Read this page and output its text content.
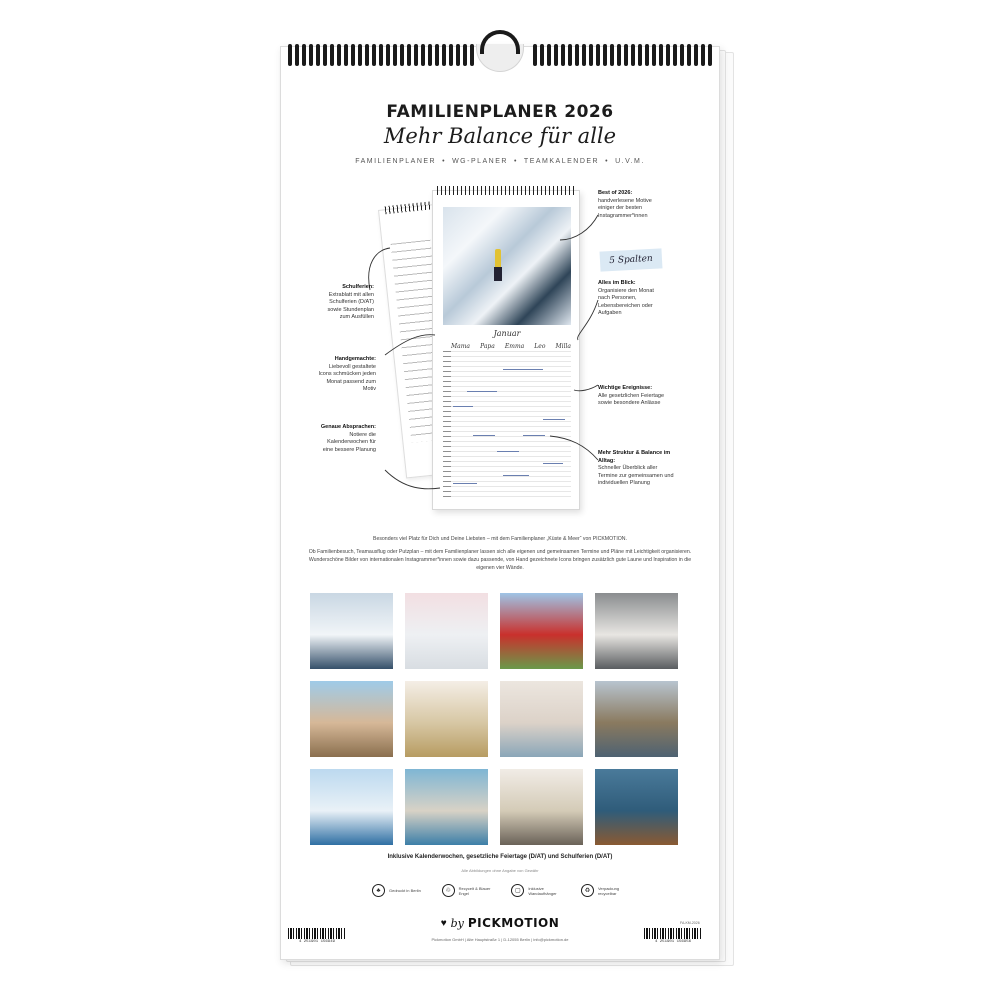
FAMILIENPLANER 2026
Mehr Balance für alle
FAMILIENPLANER • WG-PLANER • TEAMKALENDER • U.V.M.
Januar
Mama Papa Emma Leo Milla
5 Spalten
Best of 2026:
handverlesene Motive einiger der besten Instagrammer*innen
Alles im Blick:
Organisiere den Monat nach Personen, Lebensbereichen oder Aufgaben
Wichtige Ereignisse:
Alle gesetzlichen Feiertage sowie besondere Anlässe
Mehr Struktur & Balance im Alltag:
Schneller Überblick aller Termine zur gemeinsamen und individuellen Planung
Schulferien:
Extrablatt mit allen Schulferien (D/AT) sowie Stundenplan zum Ausfüllen
Handgemachte:
Liebevoll gestaltete Icons schmücken jeden Monat passend zum Motiv
Genaue Absprachen:
Notiere die Kalenderwochen für eine bessere Planung
Besonders viel Platz für Dich und Deine Liebsten – mit dem Familienplaner „Küste & Meer“ von PICKMOTION.
Ob Familienbesuch, Teamausflug oder Putzplan – mit dem Familienplaner lassen sich alle eigenen und gemeinsamen Termine und Pläne mit Leichtigkeit organisieren. Wunderschöne Bilder von internationalen Instagrammer*innen sowie dazu passende, von Hand gezeichnete Icons bringen zusätzlich gute Laune und Inspiration in die eigenen vier Wände.
Inklusive Kalenderwochen, gesetzliche Feiertage (D/AT) und Schulferien (D/AT)
Alle Abbildungen ohne Angabe von Gewähr
♣	Gedruckt in Berlin	♲	Recycelt & Blauer Engel	▢	Inklusive Wandaufhänger	♻	Verpackung recycelbar
♥ by PICKMOTION
Pickmotion GmbH | Alte Hauptstraße 1 | D-12055 Berlin | info@pickmotion.de
4 251901 156949
FA-KM-2026
4 251901 156956
